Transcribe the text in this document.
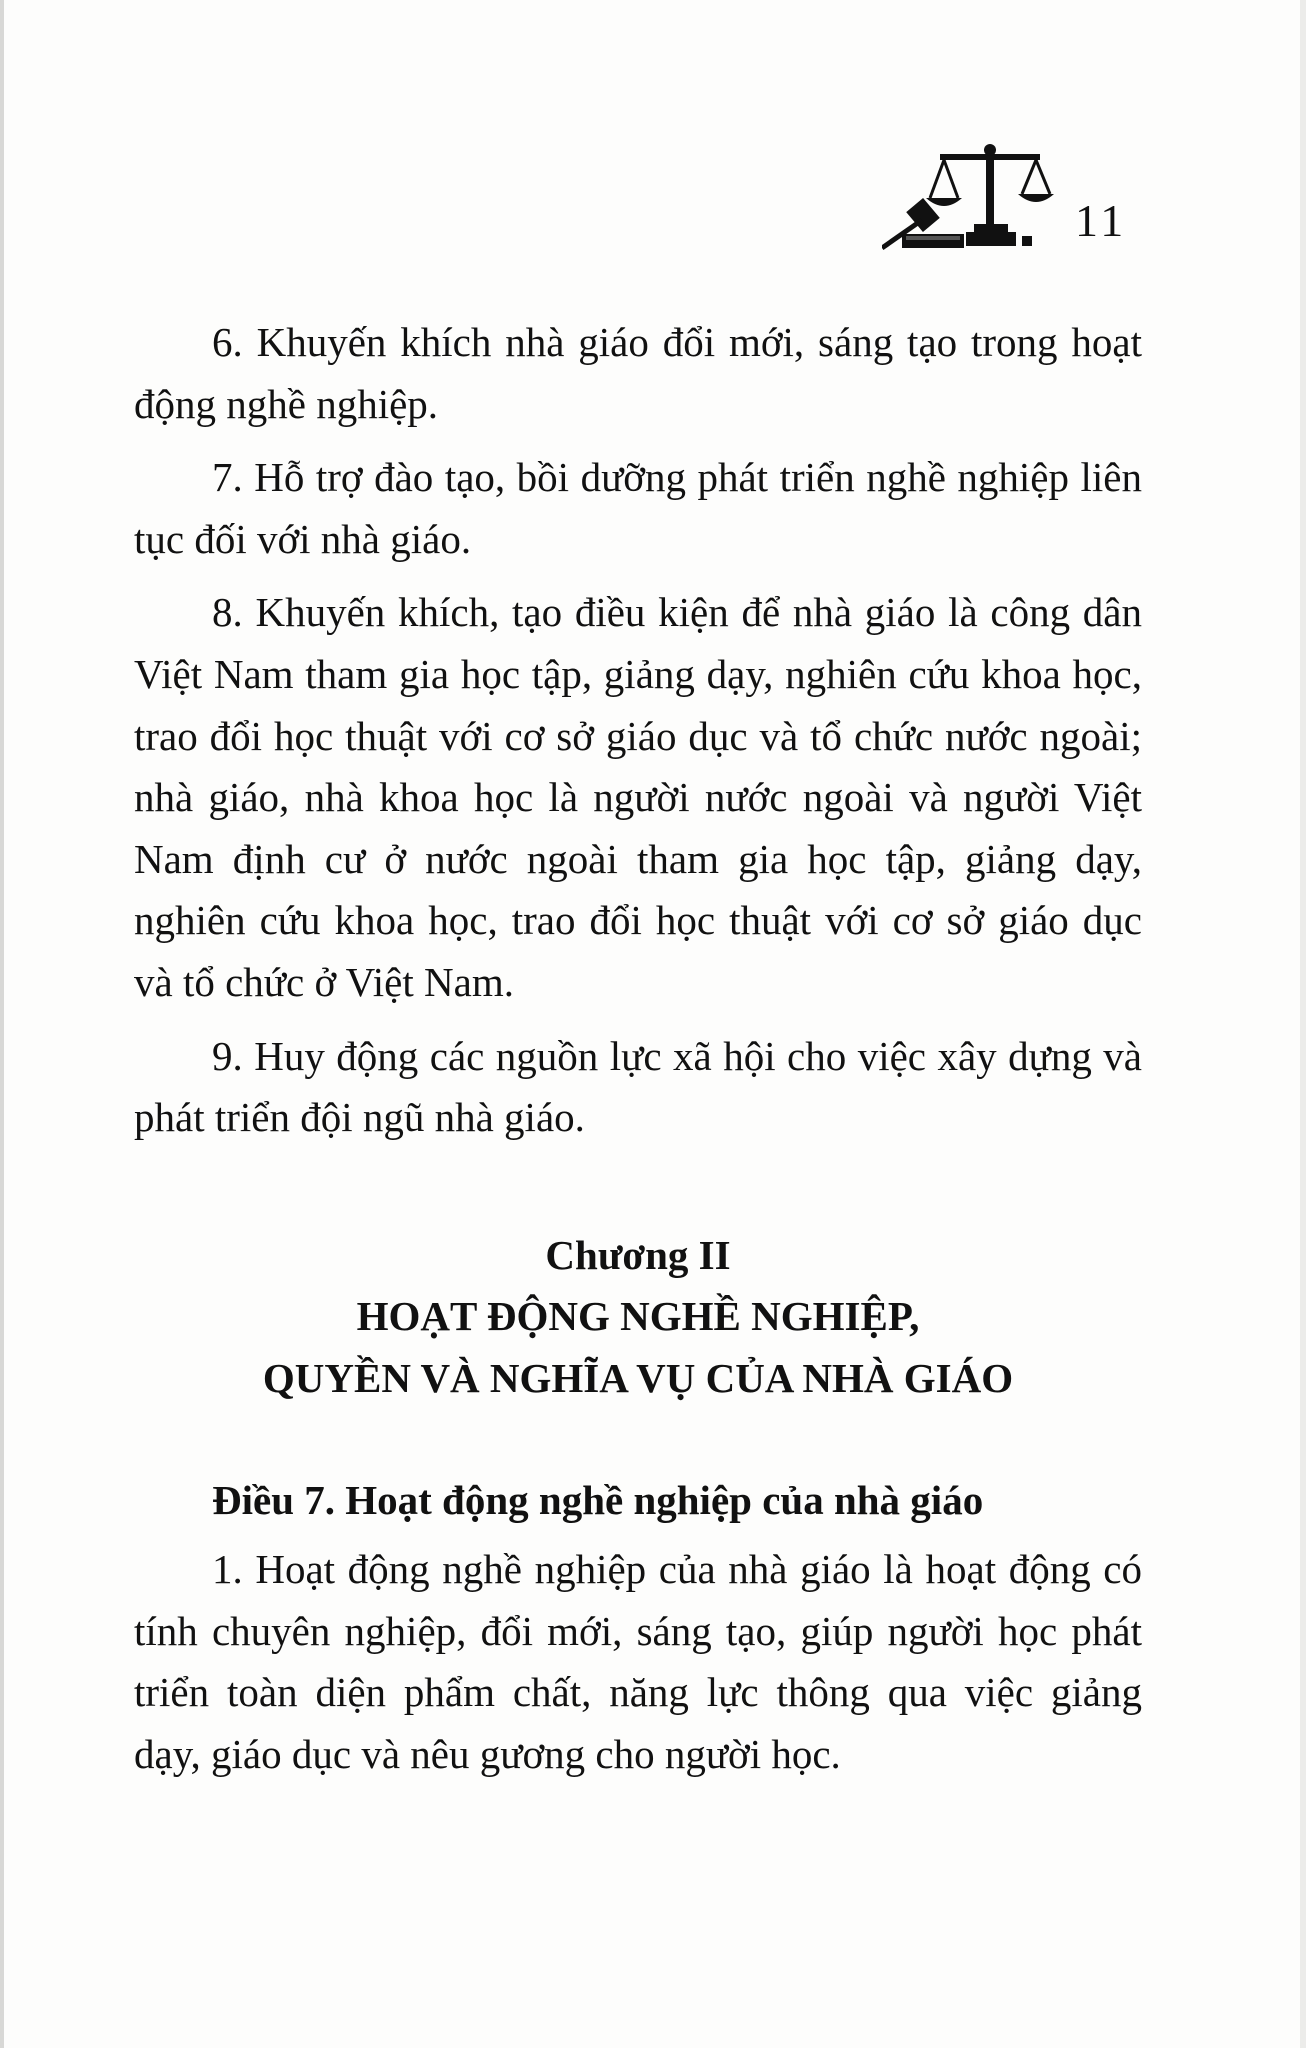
11

6. Khuyến khích nhà giáo đổi mới, sáng tạo trong hoạt động nghề nghiệp.

7. Hỗ trợ đào tạo, bồi dưỡng phát triển nghề nghiệp liên tục đối với nhà giáo.

8. Khuyến khích, tạo điều kiện để nhà giáo là công dân Việt Nam tham gia học tập, giảng dạy, nghiên cứu khoa học, trao đổi học thuật với cơ sở giáo dục và tổ chức nước ngoài; nhà giáo, nhà khoa học là người nước ngoài và người Việt Nam định cư ở nước ngoài tham gia học tập, giảng dạy, nghiên cứu khoa học, trao đổi học thuật với cơ sở giáo dục và tổ chức ở Việt Nam.

9. Huy động các nguồn lực xã hội cho việc xây dựng và phát triển đội ngũ nhà giáo.

Chương II
HOẠT ĐỘNG NGHỀ NGHIỆP,
QUYỀN VÀ NGHĨA VỤ CỦA NHÀ GIÁO

Điều 7. Hoạt động nghề nghiệp của nhà giáo

1. Hoạt động nghề nghiệp của nhà giáo là hoạt động có tính chuyên nghiệp, đổi mới, sáng tạo, giúp người học phát triển toàn diện phẩm chất, năng lực thông qua việc giảng dạy, giáo dục và nêu gương cho người học.
